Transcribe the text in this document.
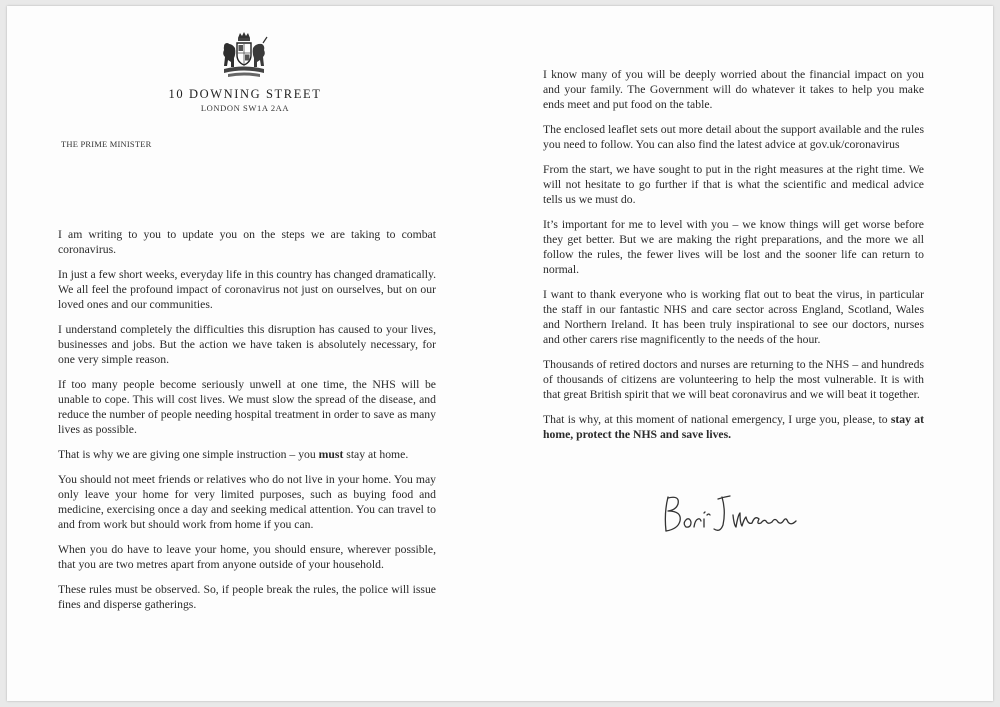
10 DOWNING STREET
LONDON SW1A 2AA
THE PRIME MINISTER

I am writing to you to update you on the steps we are taking to combat coronavirus.

In just a few short weeks, everyday life in this country has changed dramatically. We all feel the profound impact of coronavirus not just on ourselves, but on our loved ones and our communities.

I understand completely the difficulties this disruption has caused to your lives, businesses and jobs. But the action we have taken is absolutely necessary, for one very simple reason.

If too many people become seriously unwell at one time, the NHS will be unable to cope. This will cost lives. We must slow the spread of the disease, and reduce the number of people needing hospital treatment in order to save as many lives as possible.

That is why we are giving one simple instruction – you must stay at home.

You should not meet friends or relatives who do not live in your home. You may only leave your home for very limited purposes, such as buying food and medicine, exercising once a day and seeking medical attention. You can travel to and from work but should work from home if you can.

When you do have to leave your home, you should ensure, wherever possible, that you are two metres apart from anyone outside of your household.

These rules must be observed. So, if people break the rules, the police will issue fines and disperse gatherings.

I know many of you will be deeply worried about the financial impact on you and your family. The Government will do whatever it takes to help you make ends meet and put food on the table.

The enclosed leaflet sets out more detail about the support available and the rules you need to follow. You can also find the latest advice at gov.uk/coronavirus

From the start, we have sought to put in the right measures at the right time. We will not hesitate to go further if that is what the scientific and medical advice tells us we must do.

It’s important for me to level with you – we know things will get worse before they get better. But we are making the right preparations, and the more we all follow the rules, the fewer lives will be lost and the sooner life can return to normal.

I want to thank everyone who is working flat out to beat the virus, in particular the staff in our fantastic NHS and care sector across England, Scotland, Wales and Northern Ireland. It has been truly inspirational to see our doctors, nurses and other carers rise magnificently to the needs of the hour.

Thousands of retired doctors and nurses are returning to the NHS – and hundreds of thousands of citizens are volunteering to help the most vulnerable. It is with that great British spirit that we will beat coronavirus and we will beat it together.

That is why, at this moment of national emergency, I urge you, please, to stay at home, protect the NHS and save lives.
